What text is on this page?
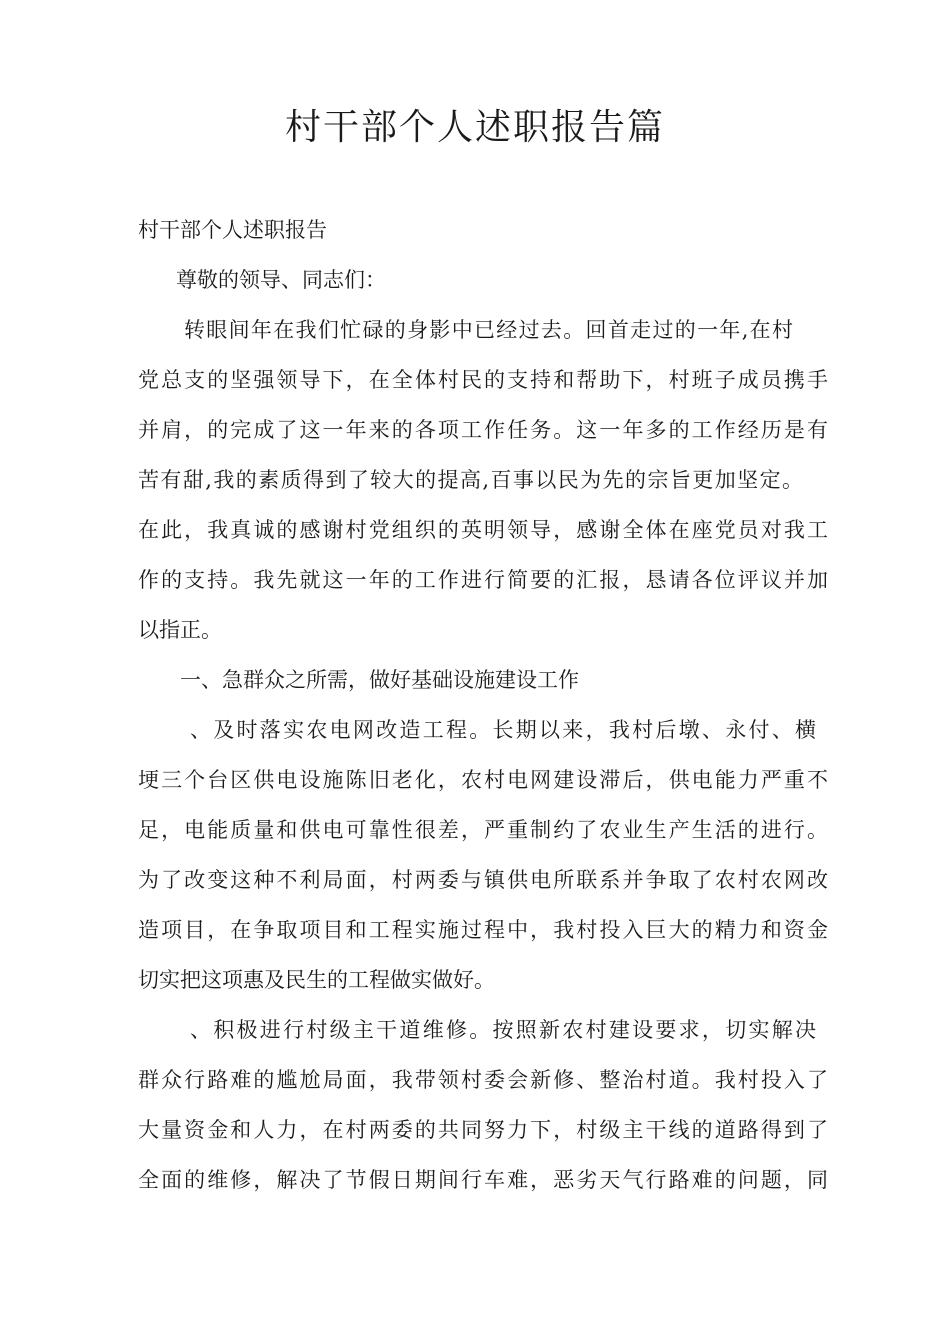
村干部个人述职报告篇
村干部个人述职报告
尊敬的领导、同志们：
转眼间年在我们忙碌的身影中已经过去。回首走过的一年,在村
党总支的坚强领导下，在全体村民的支持和帮助下，村班子成员携手
并肩，的完成了这一年来的各项工作任务。这一年多的工作经历是有
苦有甜,我的素质得到了较大的提高,百事以民为先的宗旨更加坚定。
在此，我真诚的感谢村党组织的英明领导，感谢全体在座党员对我工
作的支持。我先就这一年的工作进行简要的汇报，恳请各位评议并加
以指正。
一、急群众之所需，做好基础设施建设工作
、及时落实农电网改造工程。长期以来，我村后墩、永付、横
埂三个台区供电设施陈旧老化，农村电网建设滞后，供电能力严重不
足，电能质量和供电可靠性很差，严重制约了农业生产生活的进行。
为了改变这种不利局面，村两委与镇供电所联系并争取了农村农网改
造项目，在争取项目和工程实施过程中，我村投入巨大的精力和资金
切实把这项惠及民生的工程做实做好。
、积极进行村级主干道维修。按照新农村建设要求，切实解决
群众行路难的尴尬局面，我带领村委会新修、整治村道。我村投入了
大量资金和人力，在村两委的共同努力下，村级主干线的道路得到了
全面的维修，解决了节假日期间行车难，恶劣天气行路难的问题，同
